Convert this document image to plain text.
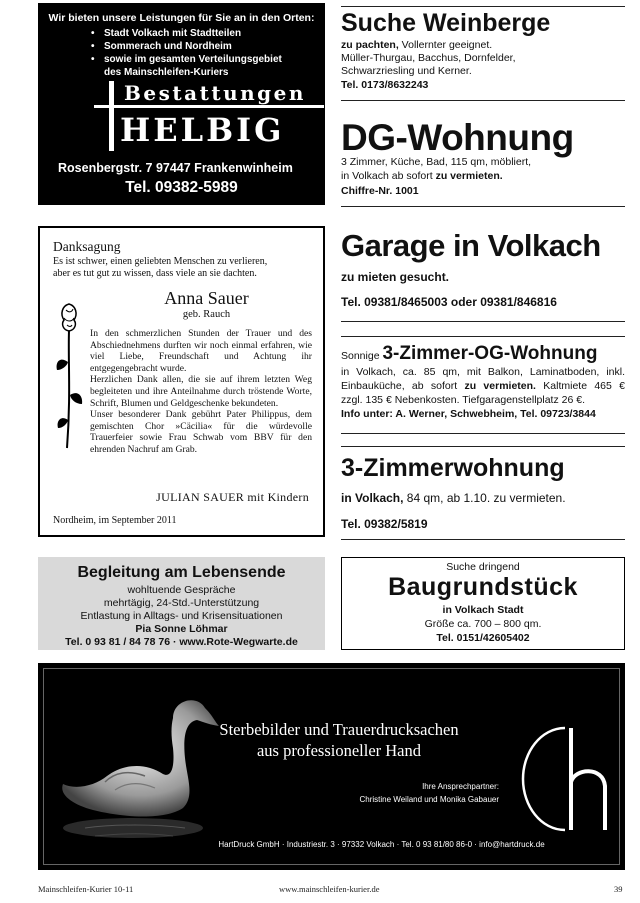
Wir bieten unsere Leistungen für Sie an in den Orten:
• Stadt Volkach mit Stadtteilen
• Sommerach und Nordheim
• sowie im gesamten Verteilungsgebiet
des Mainschleifen-Kuriers
Bestattungen
HELBIG
Rosenbergstr. 7 97447 Frankenwinheim
Tel. 09382-5989
Suche Weinberge
zu pachten, Vollernter geeignet.
Müller-Thurgau, Bacchus, Dornfelder,
Schwarzriesling und Kerner.
Tel. 0173/8632243
DG-Wohnung
3 Zimmer, Küche, Bad, 115 qm, möbliert,
in Volkach ab sofort zu vermieten.
Chiffre-Nr. 1001
Garage in Volkach
zu mieten gesucht.
Tel. 09381/8465003 oder 09381/846816
Sonnige 3-Zimmer-OG-Wohnung
in Volkach, ca. 85 qm, mit Balkon, Laminatboden, inkl.
Einbauküche, ab sofort zu vermieten. Kaltmiete 465 €
zzgl. 135 € Nebenkosten. Tiefgaragenstellplatz 26 €.
Info unter: A. Werner, Schwebheim, Tel. 09723/3844
3-Zimmerwohnung
in Volkach, 84 qm, ab 1.10. zu vermieten.
Tel. 09382/5819
Danksagung
Es ist schwer, einen geliebten Menschen zu verlieren,
aber es tut gut zu wissen, dass viele an sie dachten.
Anna Sauer
geb. Rauch
In den schmerzlichen Stunden der Trauer und des Abschiednehmens durften wir noch einmal erfahren, wie viel Liebe, Freundschaft und Achtung ihr entgegengebracht wurde.
Herzlichen Dank allen, die sie auf ihrem letzten Weg begleiteten und ihre Anteilnahme durch tröstende Worte, Schrift, Blumen und Geldgeschenke bekundeten.
Unser besonderer Dank gebührt Pater Philippus, dem gemischten Chor »Cäcilia« für die würdevolle Trauerfeier sowie Frau Schwab vom BBV für den ehrenden Nachruf am Grab.
JULIAN SAUER mit Kindern
Nordheim, im September 2011
Begleitung am Lebensende
wohltuende Gespräche
mehrtägig, 24-Std.-Unterstützung
Entlastung in Alltags- und Krisensituationen
Pia Sonne Löhmar
Tel. 0 93 81 / 84 78 76 · www.Rote-Wegwarte.de
Suche dringend
Baugrundstück
in Volkach Stadt
Größe ca. 700 – 800 qm.
Tel. 0151/42605402
Sterbebilder und Trauerdrucksachen
aus professioneller Hand
Ihre Ansprechpartner:
Christine Weiland und Monika Gabauer
HartDruck GmbH · Industriestr. 3 · 97332 Volkach · Tel. 0 93 81/80 86-0 · info@hartdruck.de
Mainschleifen-Kurier 10-11	www.mainschleifen-kurier.de	39
